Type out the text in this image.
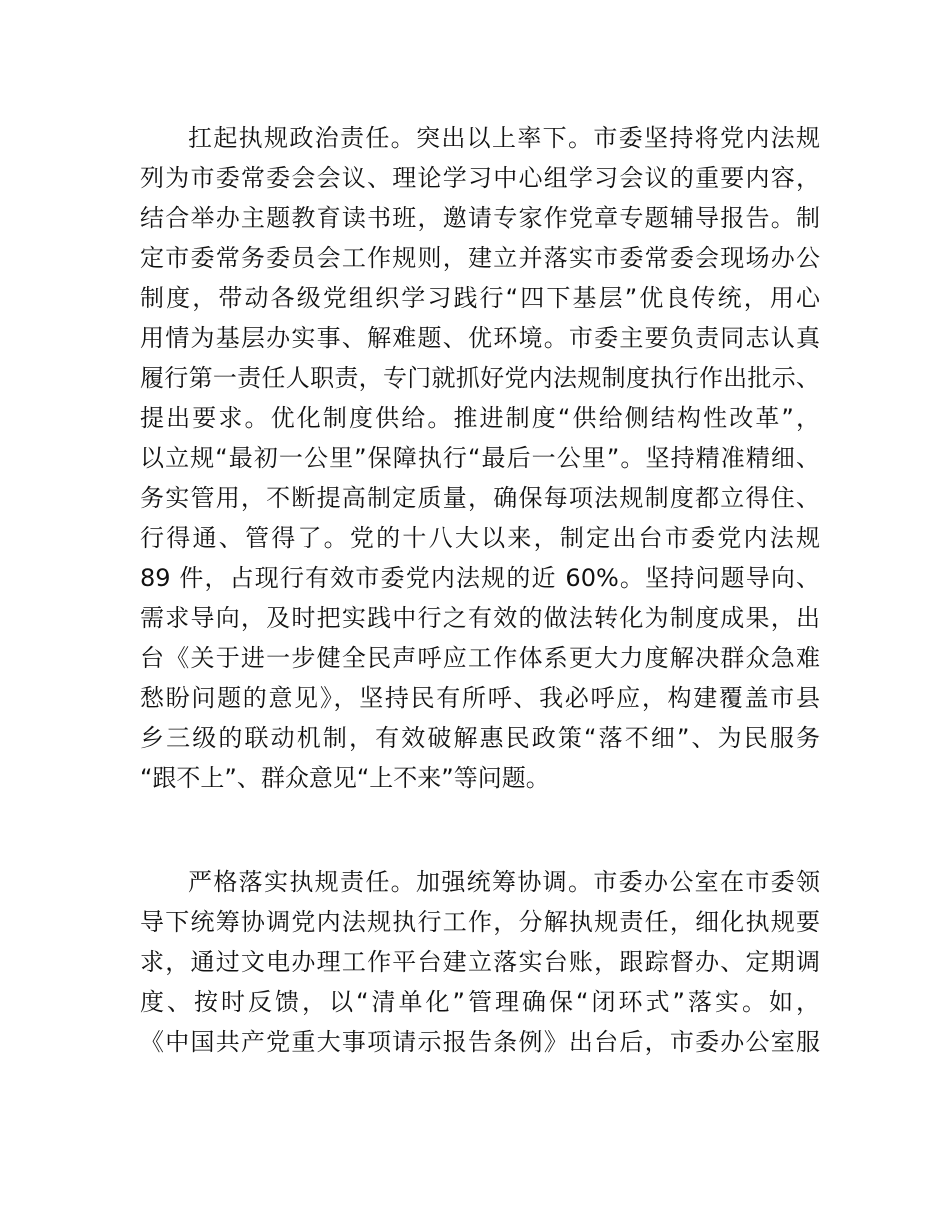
扛起执规政治责任。突出以上率下。市委坚持将党内法规
列为市委常委会会议、理论学习中心组学习会议的重要内容，
结合举办主题教育读书班，邀请专家作党章专题辅导报告。制
定市委常务委员会工作规则，建立并落实市委常委会现场办公
制度，带动各级党组织学习践行“四下基层”优良传统，用心
用情为基层办实事、解难题、优环境。市委主要负责同志认真
履行第一责任人职责，专门就抓好党内法规制度执行作出批示、
提出要求。优化制度供给。推进制度“供给侧结构性改革”，
以立规“最初一公里”保障执行“最后一公里”。坚持精准精细、
务实管用，不断提高制定质量，确保每项法规制度都立得住、
行得通、管得了。党的十八大以来，制定出台市委党内法规
89 件，占现行有效市委党内法规的近 60%。坚持问题导向、
需求导向，及时把实践中行之有效的做法转化为制度成果，出
台《关于进一步健全民声呼应工作体系更大力度解决群众急难
愁盼问题的意见》，坚持民有所呼、我必呼应，构建覆盖市县
乡三级的联动机制，有效破解惠民政策“落不细”、为民服务
“跟不上”、群众意见“上不来”等问题。
严格落实执规责任。加强统筹协调。市委办公室在市委领
导下统筹协调党内法规执行工作，分解执规责任，细化执规要
求，通过文电办理工作平台建立落实台账，跟踪督办、定期调
度、按时反馈，以“清单化”管理确保“闭环式”落实。如，
《中国共产党重大事项请示报告条例》出台后，市委办公室服
